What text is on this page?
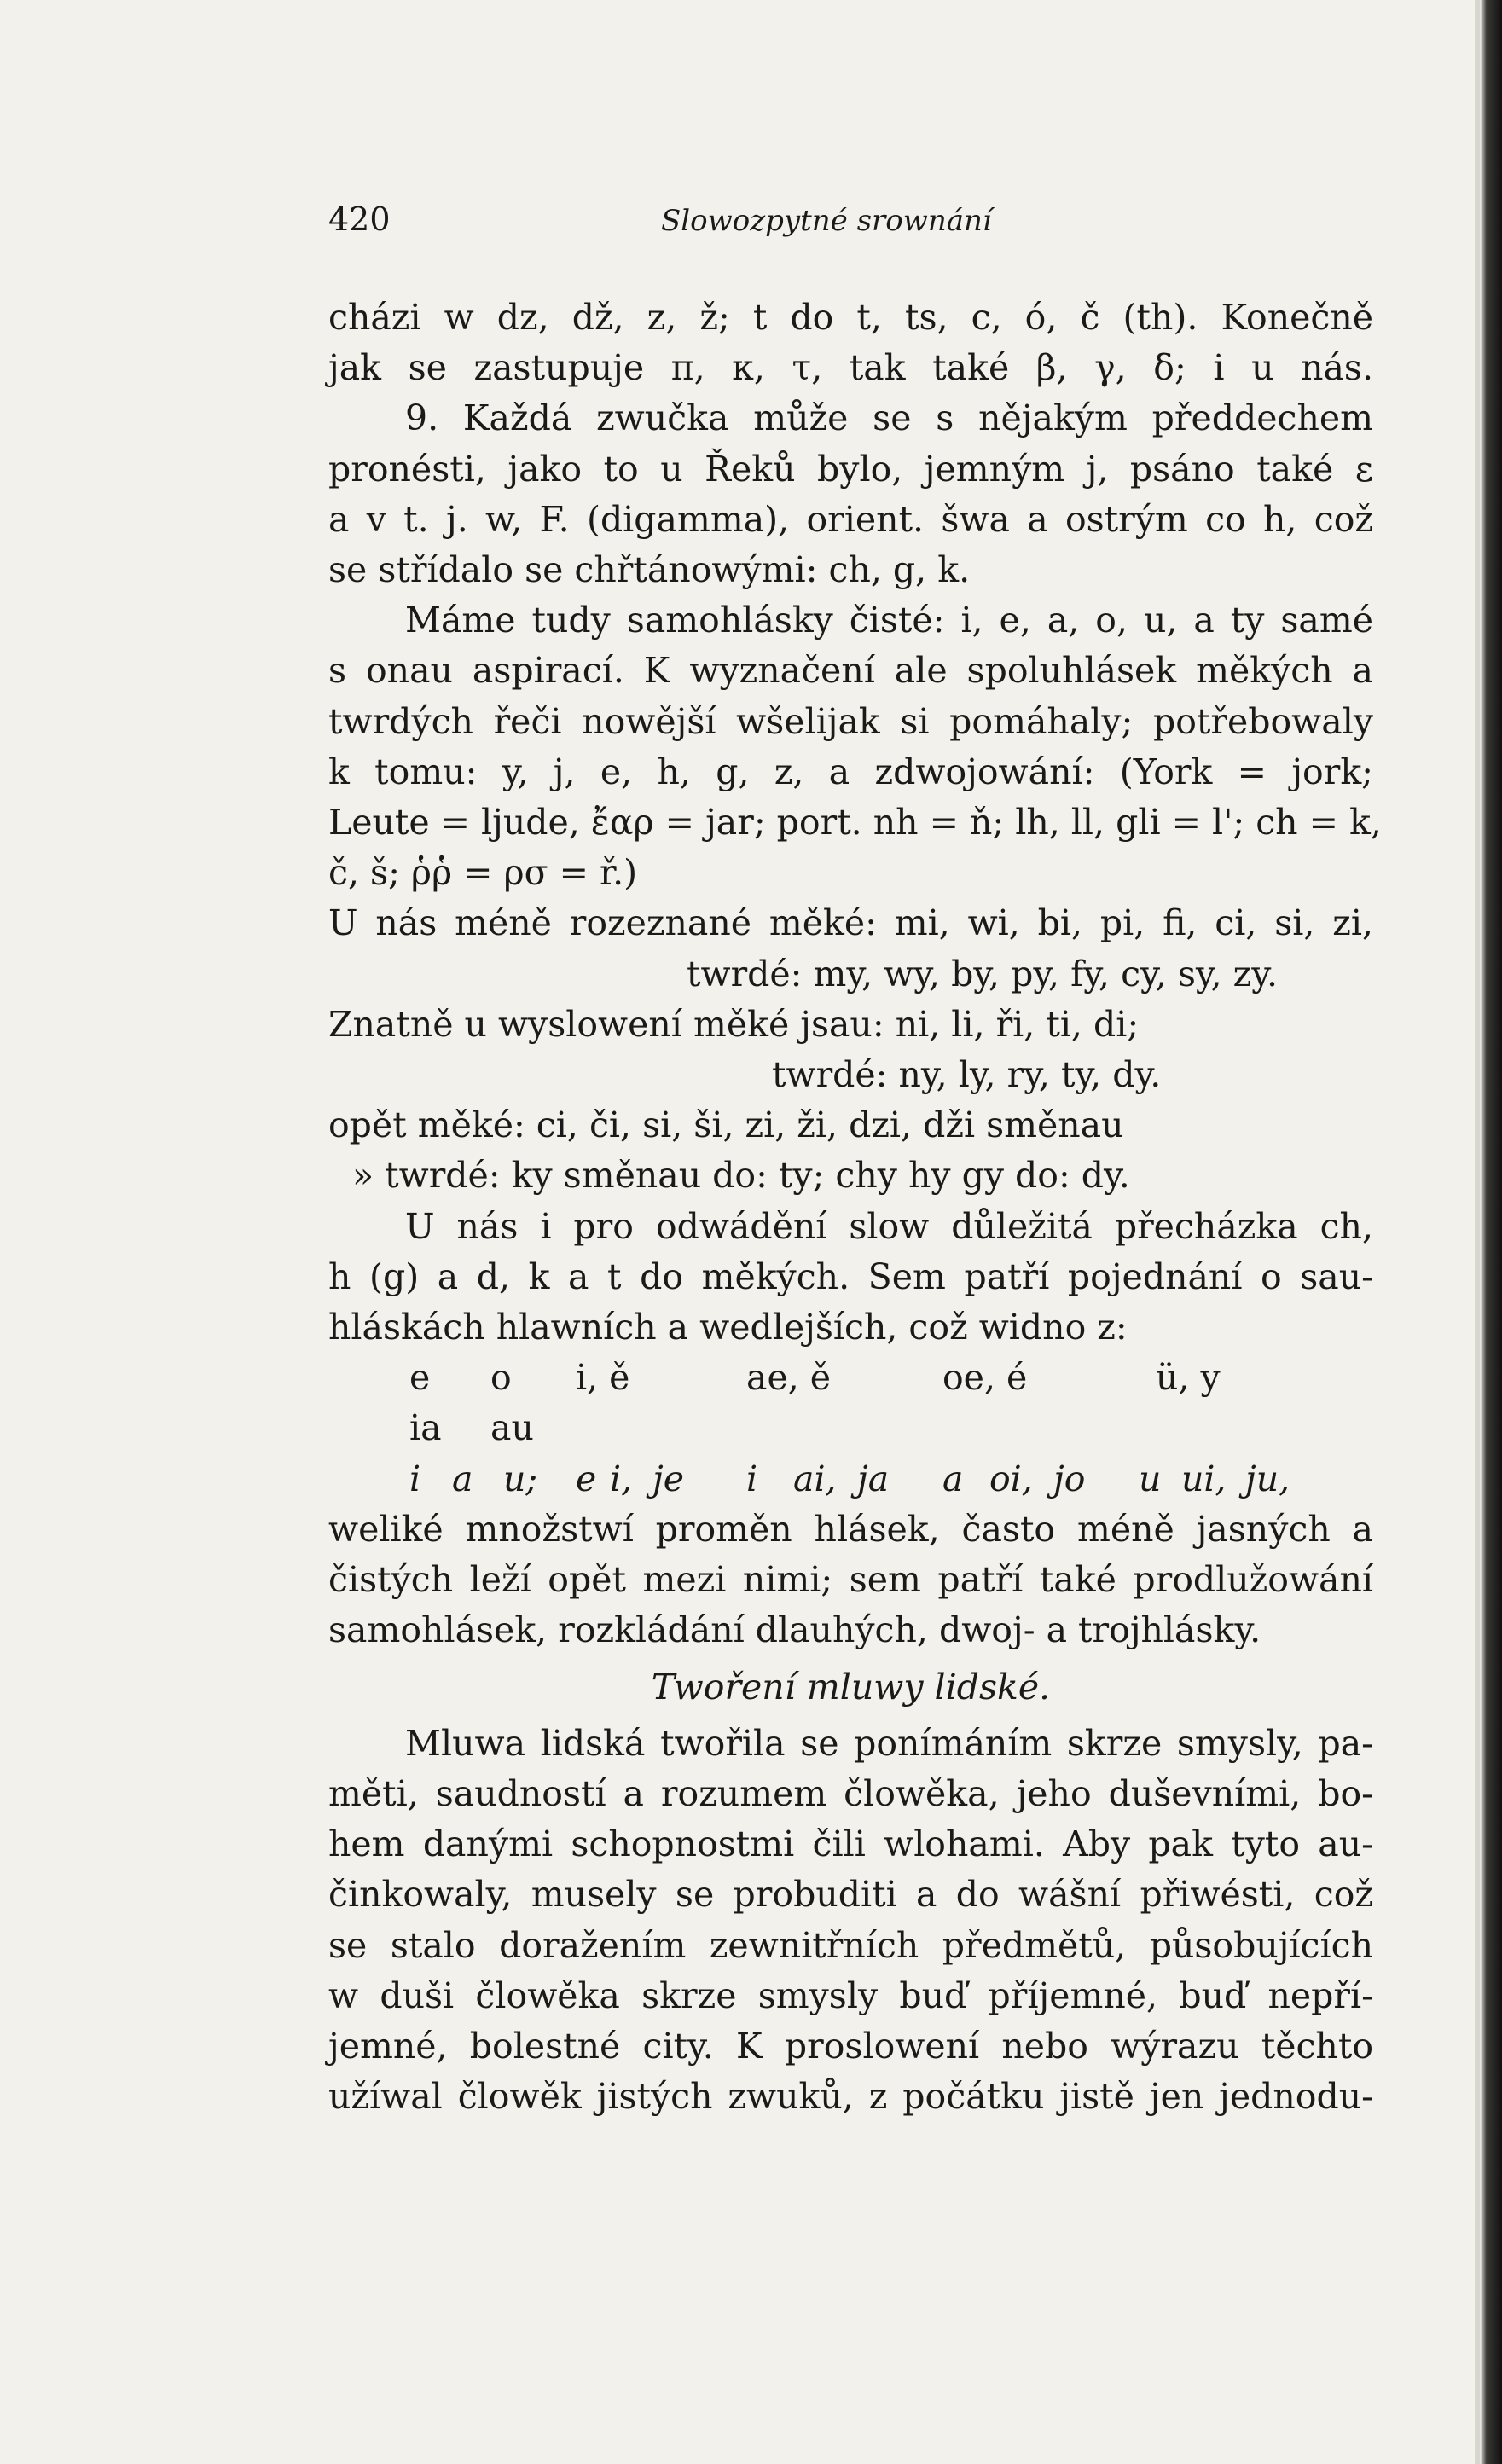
420	Slowozpytné srownání
cházi w dz, dž, z, ž; t do t, ts, c, ó, č (th). Konečně
jak se zastupuje π, κ, τ, tak také β, γ, δ; i u nás.
9. Každá zwučka může se s nějakým předdechem
pronésti, jako to u Řeků bylo, jemným j, psáno také ε
a v t. j. w, F. (digamma), orient. šwa a ostrým co h, což
se střídalo se chřtánowými: ch, g, k.
Máme tudy samohlásky čisté: i, e, a, o, u, a ty samé
s onau aspirací. K wyznačení ale spoluhlásek měkých a
twrdých řeči nowější wšelijak si pomáhaly; potřebowaly
k tomu: y, j, e, h, g, z, a zdwojowání: (York = jork;
Leute = ljude, ἔαρ = jar; port. nh = ň; lh, ll, gli = l'; ch = k,
č, š; ῥῥ = ρσ = ř.)
U nás méně rozeznané měké: mi, wi, bi, pi, fi, ci, si, zi,
twrdé: my, wy, by, py, fy, cy, sy, zy.
Znatně u wyslowení měké jsau: ni, li, ři, ti, di;
twrdé: ny, ly, ry, ty, dy.
opět měké: ci, či, si, ši, zi, ži, dzi, dži směnau
» twrdé: ky směnau do: ty; chy hy gy do: dy.
U nás i pro odwádění slow důležitá přecházka ch,
h (g) a d, k a t do měkých. Sem patří pojednání o sau-
hláskách hlawních a wedlejších, což widno z:
e	o	i, ě	ae, ě	oe, é	ü, y
ia	au
i a u;	e i, je	i	ai, ja	a oi, jo	u ui, ju,
weliké množstwí proměn hlásek, často méně jasných a
čistých leží opět mezi nimi; sem patří také prodlužowání
samohlásek, rozkládání dlauhých, dwoj- a trojhlásky.
Twoření mluwy lidské.
Mluwa lidská twořila se ponímáním skrze smysly, pa-
měti, saudností a rozumem člowěka, jeho duševními, bo-
hem danými schopnostmi čili wlohami. Aby pak tyto au-
činkowaly, musely se probuditi a do wášní přiwésti, což
se stalo doražením zewnitřních předmětů, působujících
w duši člowěka skrze smysly buď příjemné, buď nepří-
jemné, bolestné city. K proslowení nebo wýrazu těchto
užíwal člowěk jistých zwuků, z počátku jistě jen jednodu-
